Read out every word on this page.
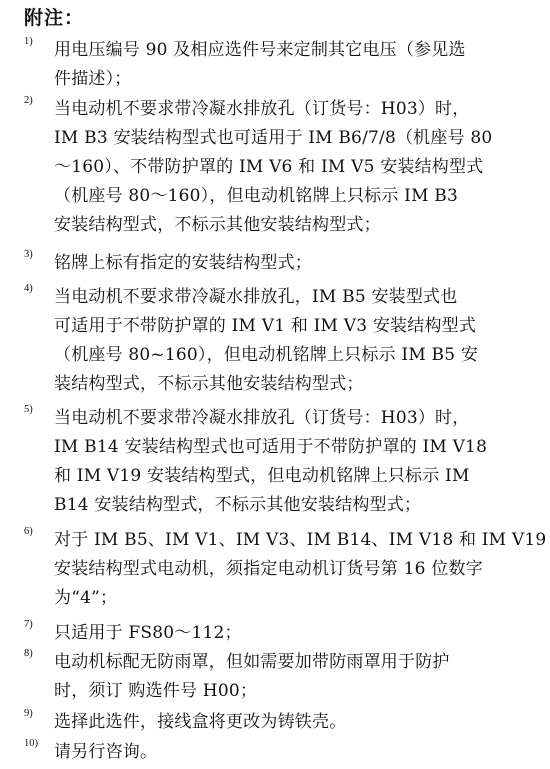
附注：
1) 用电压编号 90 及相应选件号来定制其它电压（参见选
件描述）；
2) 当电动机不要求带冷凝水排放孔（订货号：H03）时，
IM B3 安装结构型式也可适用于 IM B6/7/8（机座号 80
～160）、不带防护罩的 IM V6 和 IM V5 安装结构型式
（机座号 80～160），但电动机铭牌上只标示 IM B3
安装结构型式，不标示其他安装结构型式；
3) 铭牌上标有指定的安装结构型式；
4) 当电动机不要求带冷凝水排放孔，IM B5 安装型式也
可适用于不带防护罩的 IM V1 和 IM V3 安装结构型式
（机座号 80~160），但电动机铭牌上只标示 IM B5 安
装结构型式，不标示其他安装结构型式；
5) 当电动机不要求带冷凝水排放孔（订货号：H03）时，
IM B14 安装结构型式也可适用于不带防护罩的 IM V18
和 IM V19 安装结构型式，但电动机铭牌上只标示 IM
B14 安装结构型式，不标示其他安装结构型式；
6) 对于 IM B5、IM V1、IM V3、IM B14、IM V18 和 IM V19
安装结构型式电动机，须指定电动机订货号第 16 位数字
为“4”；
7) 只适用于 FS80～112；
8) 电动机标配无防雨罩，但如需要加带防雨罩用于防护
时，须订 购选件号 H00；
9) 选择此选件，接线盒将更改为铸铁壳。
10) 请另行咨询。
